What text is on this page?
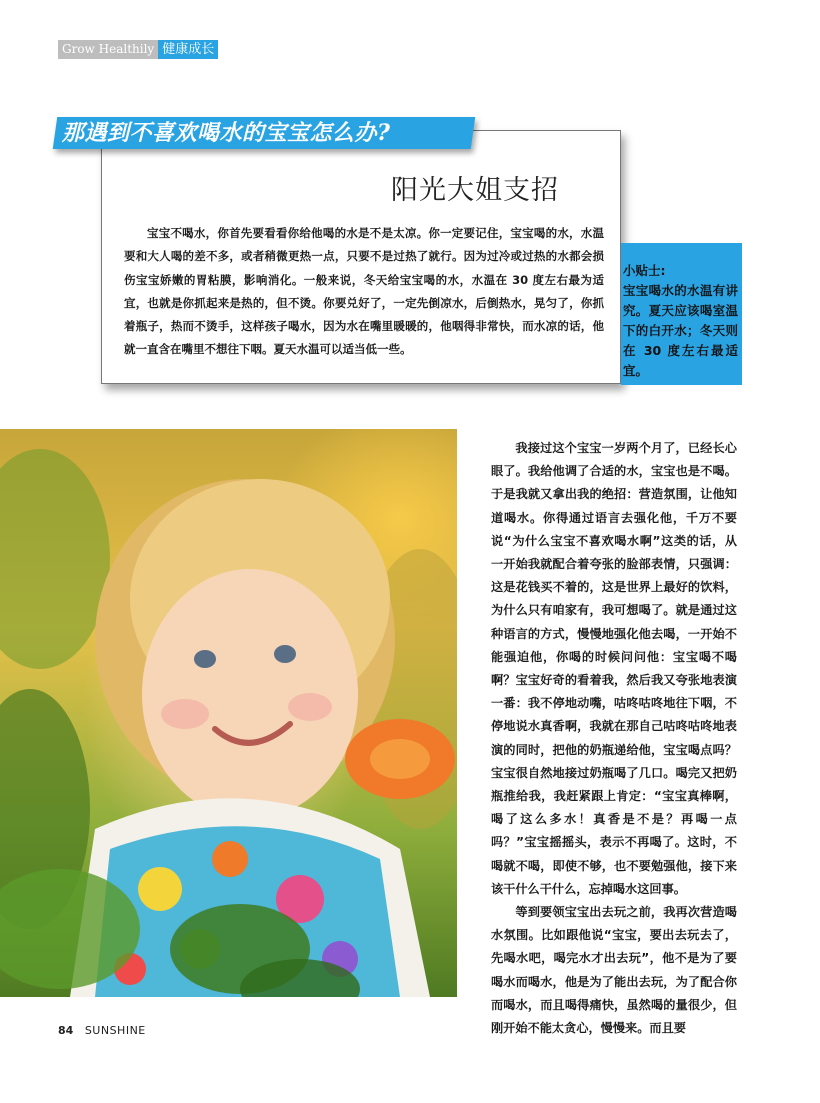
Grow Healthily 健康成长
那遇到不喜欢喝水的宝宝怎么办?
阳光大姐支招

宝宝不喝水，你首先要看看你给他喝的水是不是太凉。你一定要记住，宝宝喝的水，水温要和大人喝的差不多，或者稍微更热一点，只要不是过热了就行。因为过冷或过热的水都会损伤宝宝娇嫩的胃粘膜，影响消化。一般来说，冬天给宝宝喝的水，水温在 30 度左右最为适宜，也就是你抓起来是热的，但不烫。你要兑好了，一定先倒凉水，后倒热水，晃匀了，你抓着瓶子，热而不烫手，这样孩子喝水，因为水在嘴里暖暖的，他咽得非常快，而水凉的话，他就一直含在嘴里不想往下咽。夏天水温可以适当低一些。

小贴士:
宝宝喝水的水温有讲究。夏天应该喝室温下的白开水；冬天则在 30 度左右最适宜。

我接过这个宝宝一岁两个月了，已经长心眼了。我给他调了合适的水，宝宝也是不喝。于是我就又拿出我的绝招：营造氛围，让他知道喝水。你得通过语言去强化他，千万不要说“为什么宝宝不喜欢喝水啊”这类的话，从一开始我就配合着夸张的脸部表情，只强调：这是花钱买不着的，这是世界上最好的饮料，为什么只有咱家有，我可想喝了。就是通过这种语言的方式，慢慢地强化他去喝，一开始不能强迫他，你喝的时候问问他：宝宝喝不喝啊？宝宝好奇的看着我，然后我又夸张地表演一番：我不停地动嘴，咕咚咕咚地往下咽，不停地说水真香啊，我就在那自己咕咚咕咚地表演的同时，把他的奶瓶递给他，宝宝喝点吗？宝宝很自然地接过奶瓶喝了几口。喝完又把奶瓶推给我，我赶紧跟上肯定：“宝宝真棒啊，喝了这么多水！真香是不是？再喝一点吗？”宝宝摇摇头，表示不再喝了。这时，不喝就不喝，即使不够，也不要勉强他，接下来该干什么干什么，忘掉喝水这回事。

等到要领宝宝出去玩之前，我再次营造喝水氛围。比如跟他说“宝宝，要出去玩去了，先喝水吧，喝完水才出去玩”，他不是为了要喝水而喝水，他是为了能出去玩，为了配合你而喝水，而且喝得痛快，虽然喝的量很少，但刚开始不能太贪心，慢慢来。而且要

84 SUNSHINE
